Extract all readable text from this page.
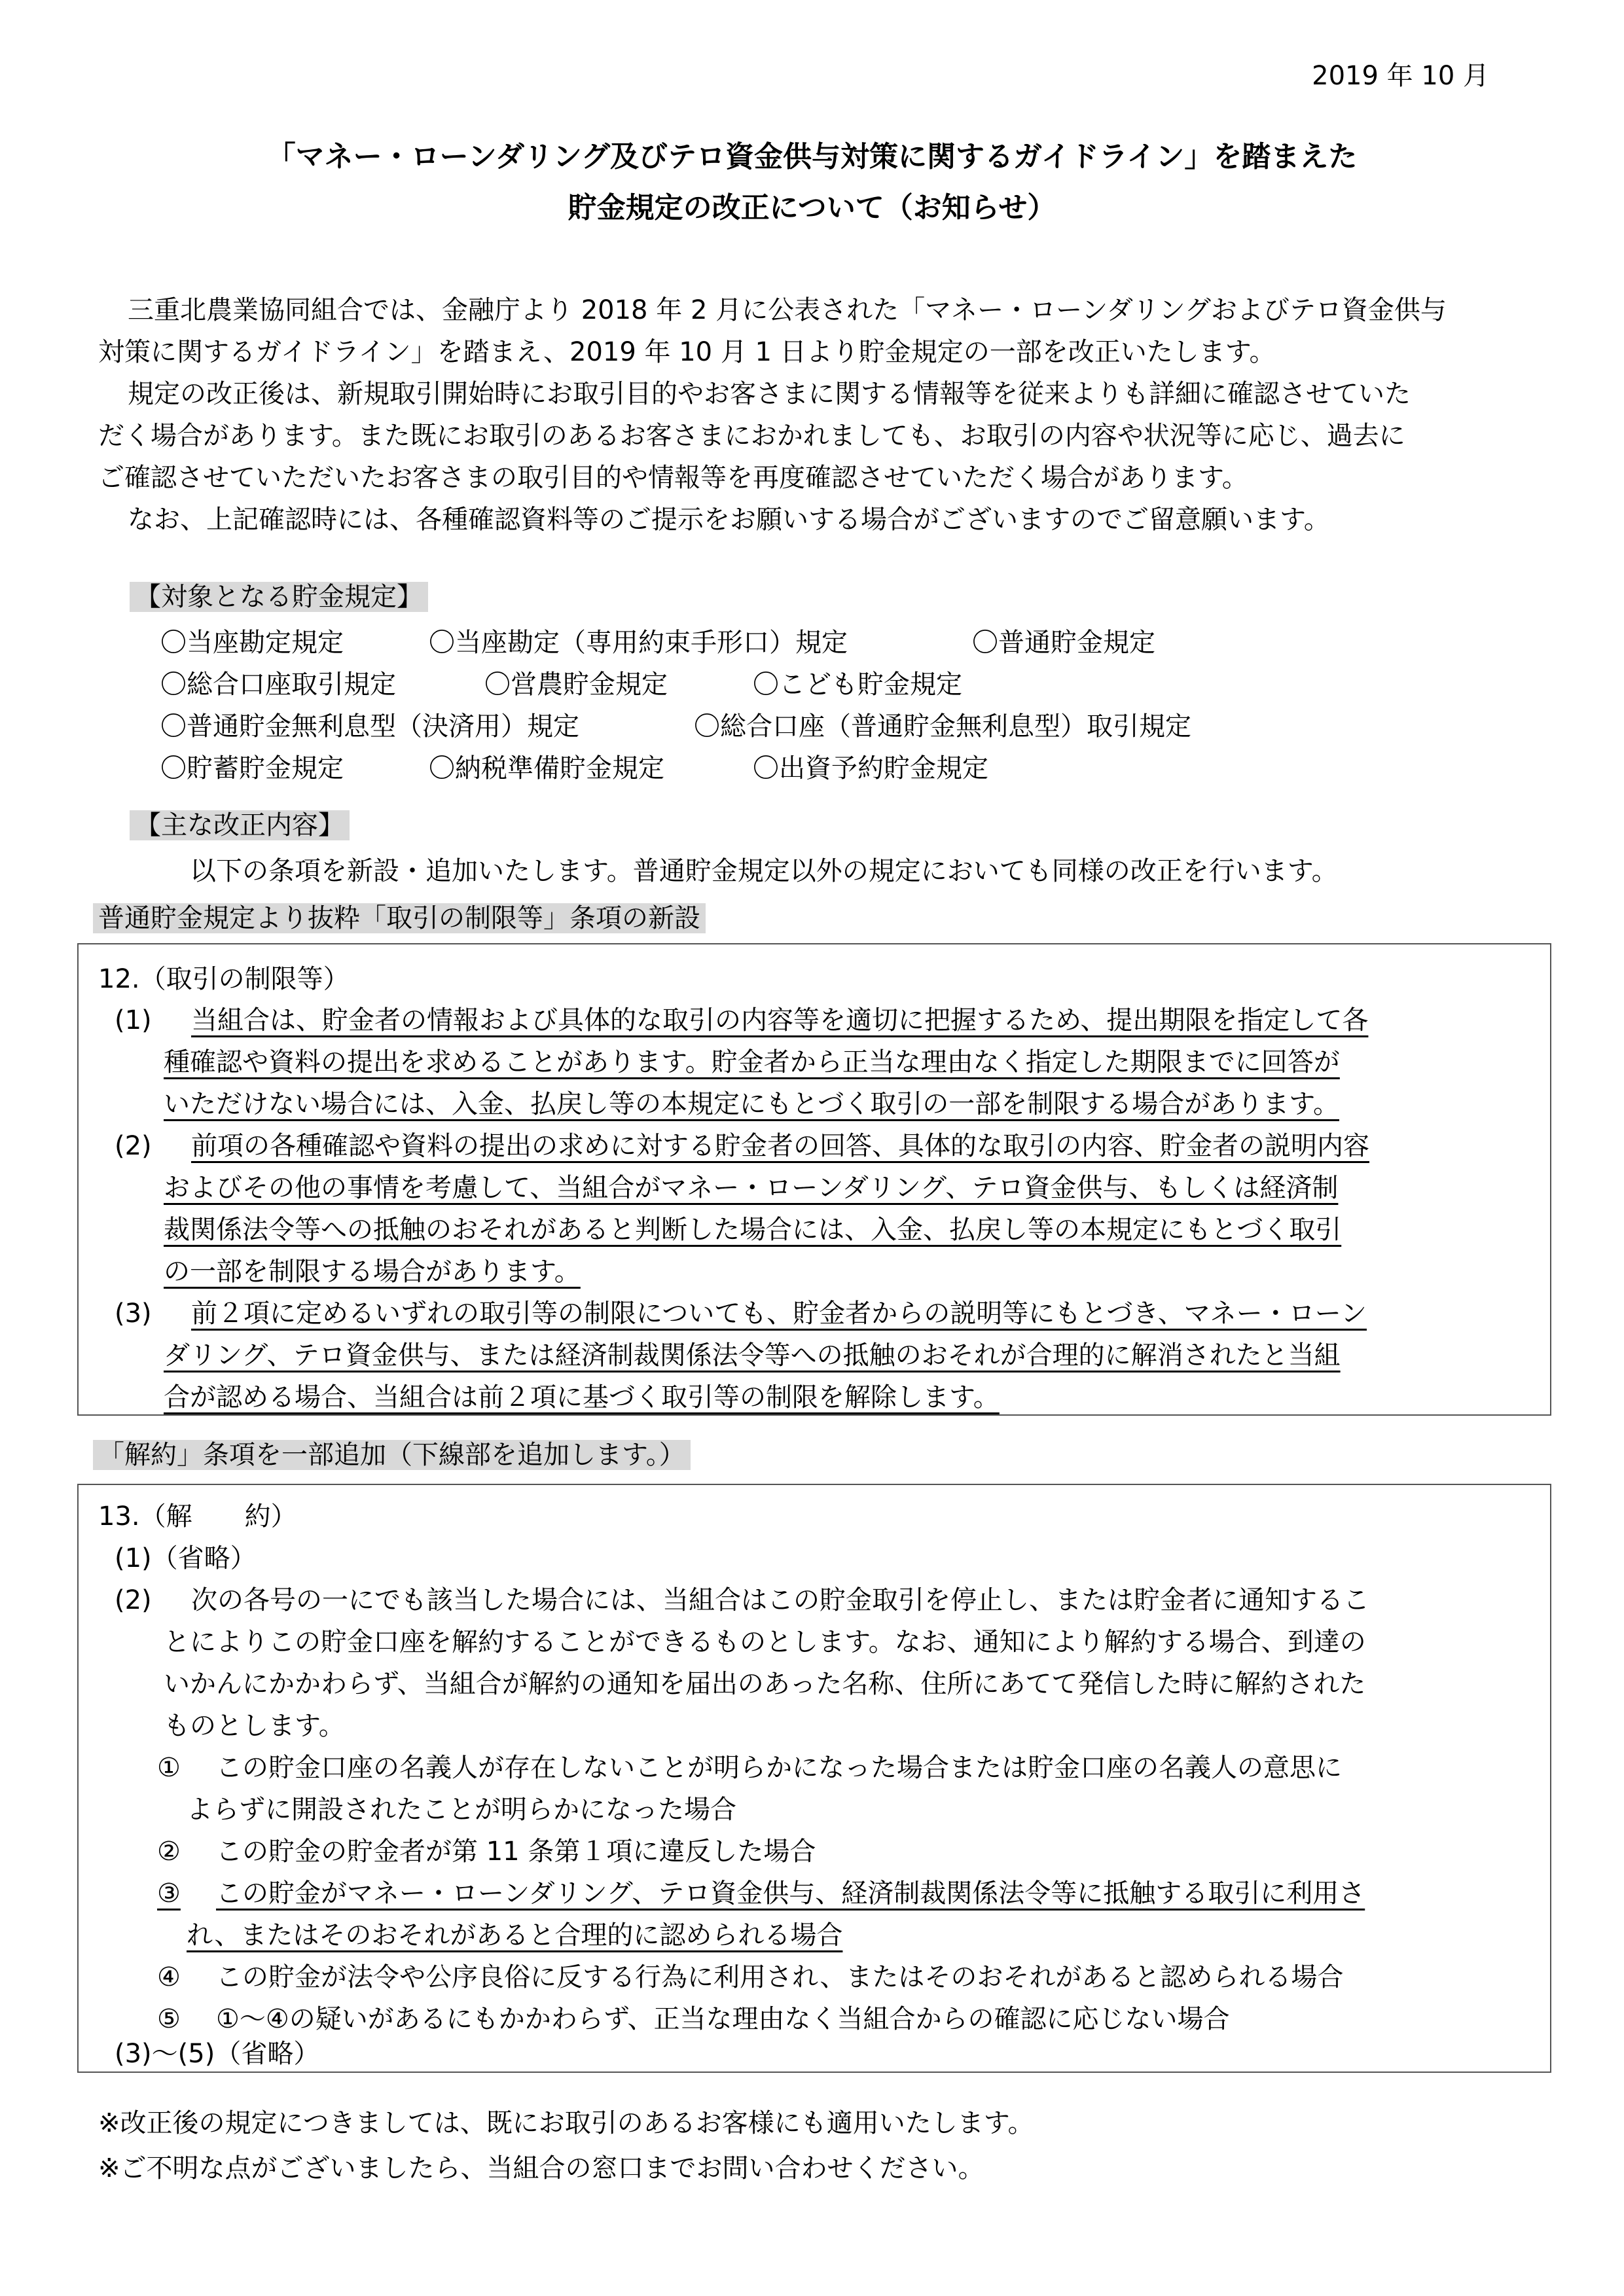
2019 年 10 月
「マネー・ローンダリング及びテロ資金供与対策に関するガイドライン」を踏まえた
貯金規定の改正について（お知らせ）
三重北農業協同組合では、金融庁より 2018 年 2 月に公表された「マネー・ローンダリングおよびテロ資金供与
対策に関するガイドライン」を踏まえ、2019 年 10 月 1 日より貯金規定の一部を改正いたします。
規定の改正後は、新規取引開始時にお取引目的やお客さまに関する情報等を従来よりも詳細に確認させていた
だく場合があります。また既にお取引のあるお客さまにおかれましても、お取引の内容や状況等に応じ、過去に
ご確認させていただいたお客さまの取引目的や情報等を再度確認させていただく場合があります。
なお、上記確認時には、各種確認資料等のご提示をお願いする場合がございますのでご留意願います。
【対象となる貯金規定】
〇当座勘定規定	〇当座勘定（専用約束手形口）規定	〇普通貯金規定
〇総合口座取引規定	〇営農貯金規定	〇こども貯金規定
〇普通貯金無利息型（決済用）規定	〇総合口座（普通貯金無利息型）取引規定
〇貯蓄貯金規定	〇納税準備貯金規定	〇出資予約貯金規定
【主な改正内容】
以下の条項を新設・追加いたします。普通貯金規定以外の規定においても同様の改正を行います。
普通貯金規定より抜粋「取引の制限等」条項の新設
12.（取引の制限等）
(1) 当組合は、貯金者の情報および具体的な取引の内容等を適切に把握するため、提出期限を指定して各
種確認や資料の提出を求めることがあります。貯金者から正当な理由なく指定した期限までに回答が
いただけない場合には、入金、払戻し等の本規定にもとづく取引の一部を制限する場合があります。
(2) 前項の各種確認や資料の提出の求めに対する貯金者の回答、具体的な取引の内容、貯金者の説明内容
およびその他の事情を考慮して、当組合がマネー・ローンダリング、テロ資金供与、もしくは経済制
裁関係法令等への抵触のおそれがあると判断した場合には、入金、払戻し等の本規定にもとづく取引
の一部を制限する場合があります。
(3) 前２項に定めるいずれの取引等の制限についても、貯金者からの説明等にもとづき、マネー・ローン
ダリング、テロ資金供与、または経済制裁関係法令等への抵触のおそれが合理的に解消されたと当組
合が認める場合、当組合は前２項に基づく取引等の制限を解除します。
「解約」条項を一部追加（下線部を追加します。）
13.（解　　約）
(1)（省略）
(2) 次の各号の一にでも該当した場合には、当組合はこの貯金取引を停止し、または貯金者に通知するこ
とによりこの貯金口座を解約することができるものとします。なお、通知により解約する場合、到達の
いかんにかかわらず、当組合が解約の通知を届出のあった名称、住所にあてて発信した時に解約された
ものとします。
① この貯金口座の名義人が存在しないことが明らかになった場合または貯金口座の名義人の意思に
よらずに開設されたことが明らかになった場合
② この貯金の貯金者が第 11 条第１項に違反した場合
③ この貯金がマネー・ローンダリング、テロ資金供与、経済制裁関係法令等に抵触する取引に利用さ
れ、またはそのおそれがあると合理的に認められる場合
④ この貯金が法令や公序良俗に反する行為に利用され、またはそのおそれがあると認められる場合
⑤ ①～④の疑いがあるにもかかわらず、正当な理由なく当組合からの確認に応じない場合
(3)～(5)（省略）
※改正後の規定につきましては、既にお取引のあるお客様にも適用いたします。
※ご不明な点がございましたら、当組合の窓口までお問い合わせください。
